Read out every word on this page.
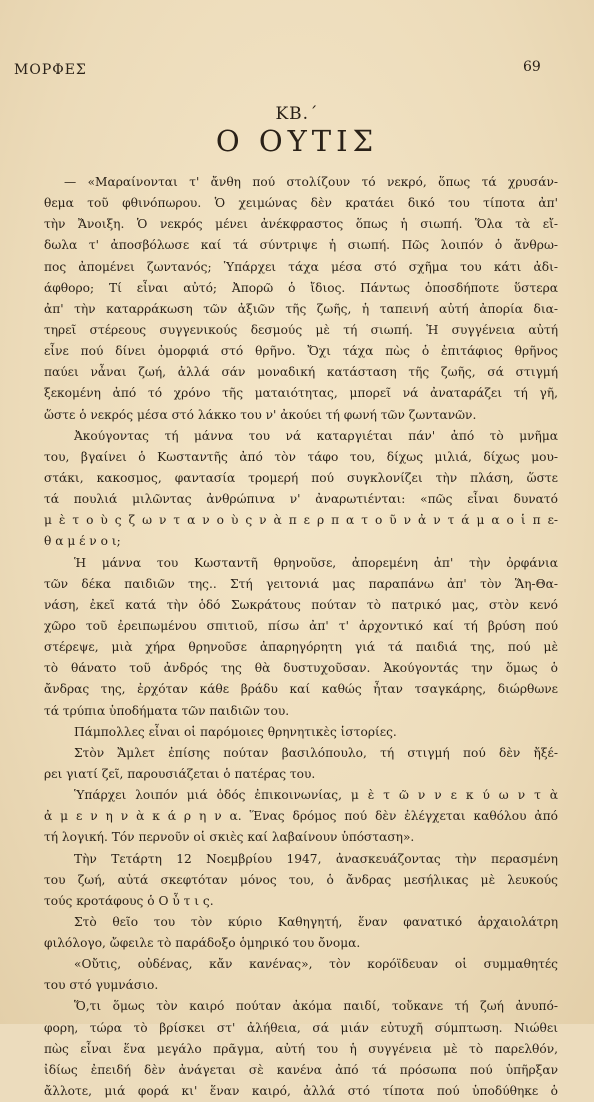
ΜΟΡΦΕΣ	69
ΚΒ.΄
Ο ΟΥΤΙΣ
— «Μαραίνονται τ' ἄνθη πού στολίζουν τό νεκρό, ὅπως τά χρυσάν-
θεμα τοῦ φθινόπωρου. Ὁ χειμώνας δὲν κρατάει δικό του τίποτα ἀπ'
τὴν Ἄνοιξη. Ὁ νεκρός μένει ἀνέκφραστος ὅπως ἡ σιωπή. Ὅλα τὰ εἴ-
δωλα τ' ἀποσβόλωσε καί τά σύντριψε ἡ σιωπή. Πῶς λοιπόν ὁ ἄνθρω-
πος ἀπομένει ζωντανός; Ὑπάρχει τάχα μέσα στό σχῆμα του κάτι ἀδι-
άφθορο; Τί εἶναι αὐτό; Ἀπορῶ ὁ ἴδιος. Πάντως ὁποσδήποτε ὕστερα
ἀπ' τὴν καταρράκωση τῶν ἀξιῶν τῆς ζωῆς, ἡ ταπεινή αὐτή ἀπορία δια-
τηρεῖ στέρεους συγγενικούς δεσμούς μὲ τή σιωπή. Ἡ συγγένεια αὐτή
εἶνε πού δίνει ὀμορφιά στό θρῆνο. Ὄχι τάχα πὼς ὁ ἐπιτάφιος θρῆνος
παύει νἆναι ζωή, ἀλλά σάν μοναδική κατάσταση τῆς ζωῆς, σά στιγμή
ξεκομένη ἀπό τό χρόνο τῆς ματαιότητας, μπορεῖ νά ἀναταράζει τή γῆ,
ὥστε ὁ νεκρός μέσα στό λάκκο του ν' ἀκούει τή φωνή τῶν ζωντανῶν.
Ἀκούγοντας τή μάννα του νά καταργιέται πάν' ἀπό τὸ μνῆμα
του, βγαίνει ὁ Κωσταντῆς ἀπό τὸν τάφο του, δίχως μιλιά, δίχως μου-
στάκι, κακοσμος, φαντασία τρομερή πού συγκλονίζει τὴν πλάση, ὥστε
τά πουλιά μιλῶντας ἀνθρώπινα ν' ἀναρωτιένται: «πῶς εἶναι δυνατό
μ ὲ τ ο ὺ ς ζ ω ν τ α ν ο ὺ ς ν ὰ π ε ρ π α τ ο ῦ ν ἀ ν τ ά μ α ο ἱ π ε-
θ α μ έ ν ο ι;
Ἡ μάννα του Κωσταντῆ θρηνοῦσε, ἀπορεμένη ἀπ' τὴν ὀρφάνια
τῶν δέκα παιδιῶν της.. Στή γειτονιά μας παραπάνω ἀπ' τὸν Ἅη-Θα-
νάση, ἐκεῖ κατά τὴν ὁδό Σωκράτους πούταν τὸ πατρικό μας, στὸν κενό
χῶρο τοῦ ἐρειπωμένου σπιτιοῦ, πίσω ἀπ' τ' ἀρχοντικό καί τή βρύση πού
στέρεψε, μιὰ χήρα θρηνοῦσε ἀπαρηγόρητη γιά τά παιδιά της, πού μὲ
τὸ θάνατο τοῦ ἀνδρός της θὰ δυστυχοῦσαν. Ἀκούγοντάς την ὅμως ὁ
ἄνδρας της, ἐρχόταν κάθε βράδυ καί καθώς ἦταν τσαγκάρης, διώρθωνε
τά τρύπια ὑποδήματα τῶν παιδιῶν του.
Πάμπολλες εἶναι οἱ παρόμοιες θρηνητικὲς ἱστορίες.
Στὸν Ἄμλετ ἐπίσης πούταν βασιλόπουλο, τή στιγμή πού δὲν ἤξέ-
ρει γιατί ζεῖ, παρουσιάζεται ὁ πατέρας του.
Ὑπάρχει λοιπόν μιά ὁδός ἐπικοινωνίας, μ ὲ τ ῶ ν ν ε κ ύ ω ν τ ὰ
ἀ μ ε ν η ν ὰ κ ά ρ η ν α. Ἕνας δρόμος πού δὲν ἐλέγχεται καθόλου ἀπό
τή λογική. Τόν περνοῦν οἱ σκιὲς καί λαβαίνουν ὑπόσταση».
Τὴν Τετάρτη 12 Νοεμβρίου 1947, ἀνασκευάζοντας τὴν περασμένη
του ζωή, αὐτά σκεφτόταν μόνος του, ὁ ἄνδρας μεσήλικας μὲ λευκούς
τούς κροτάφους ὁ Ο ὖ τ ι ς.
Στὸ θεῖο του τὸν κύριο Καθηγητή, ἕναν φανατικό ἀρχαιολάτρη
φιλόλογο, ὤφειλε τὸ παράδοξο ὁμηρικό του ὄνομα.
«Οὔτις, οὐδένας, κἄν κανένας», τὸν κορόϊδευαν οἱ συμμαθητές
του στό γυμνάσιο.
Ὅ,τι ὅμως τὸν καιρό πούταν ἀκόμα παιδί, τοὔκανε τή ζωή ἀνυπό-
φορη, τώρα τὸ βρίσκει στ' ἀλήθεια, σά μιάν εὐτυχῆ σύμπτωση. Νιώθει
πὼς εἶναι ἕνα μεγάλο πρᾶγμα, αὐτή του ἡ συγγένεια μὲ τὸ παρελθόν,
ἰδίως ἐπειδή δὲν ἀνάγεται σὲ κανένα ἀπό τά πρόσωπα πού ὑπῆρξαν
ἄλλοτε, μιά φορά κι' ἕναν καιρό, ἀλλά στό τίποτα πού ὑποδύθηκε ὁ
